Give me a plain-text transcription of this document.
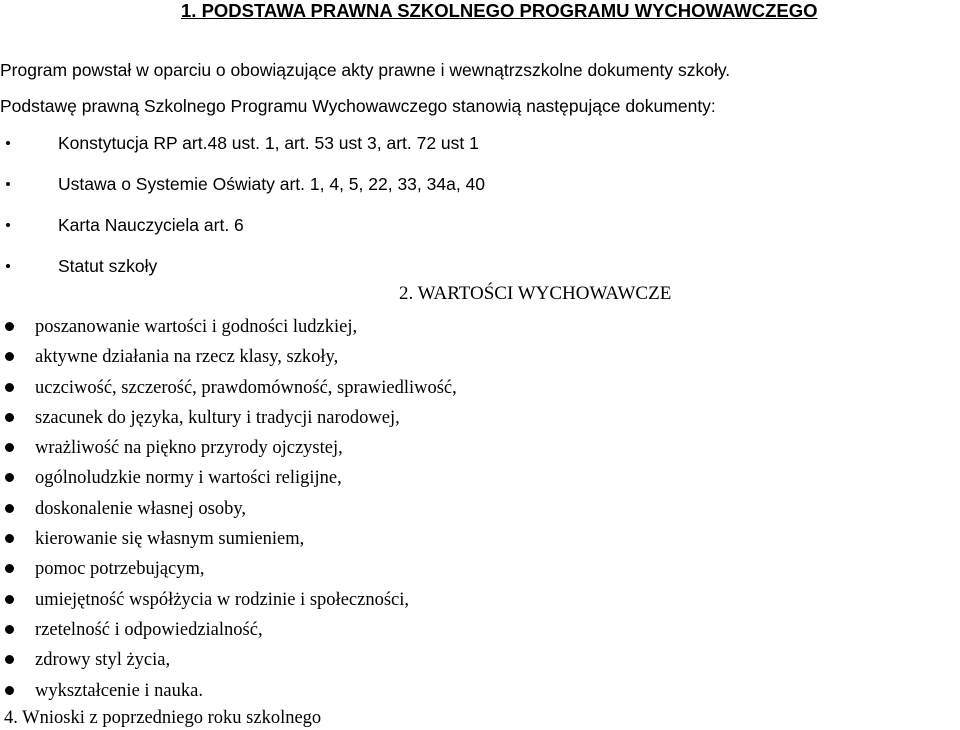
1. PODSTAWA PRAWNA SZKOLNEGO PROGRAMU WYCHOWAWCZEGO
Program powstał w oparciu o obowiązujące akty prawne i wewnątrzszkolne dokumenty szkoły.
Podstawę prawną Szkolnego Programu Wychowawczego stanowią następujące dokumenty:
Konstytucja RP art.48 ust. 1, art. 53 ust 3, art. 72 ust 1
Ustawa o Systemie Oświaty art. 1, 4, 5, 22, 33, 34a, 40
Karta Nauczyciela art. 6
Statut szkoły
2. WARTOŚCI WYCHOWAWCZE
poszanowanie wartości i godności ludzkiej,
aktywne działania na rzecz klasy, szkoły,
uczciwość, szczerość, prawdomówność, sprawiedliwość,
szacunek do języka, kultury i tradycji narodowej,
wrażliwość na piękno przyrody ojczystej,
ogólnoludzkie normy i wartości religijne,
doskonalenie własnej osoby,
kierowanie się własnym sumieniem,
pomoc potrzebującym,
umiejętność współżycia w rodzinie i społeczności,
rzetelność i odpowiedzialność,
zdrowy styl życia,
wykształcenie i nauka.
4. Wnioski z poprzedniego roku szkolnego
